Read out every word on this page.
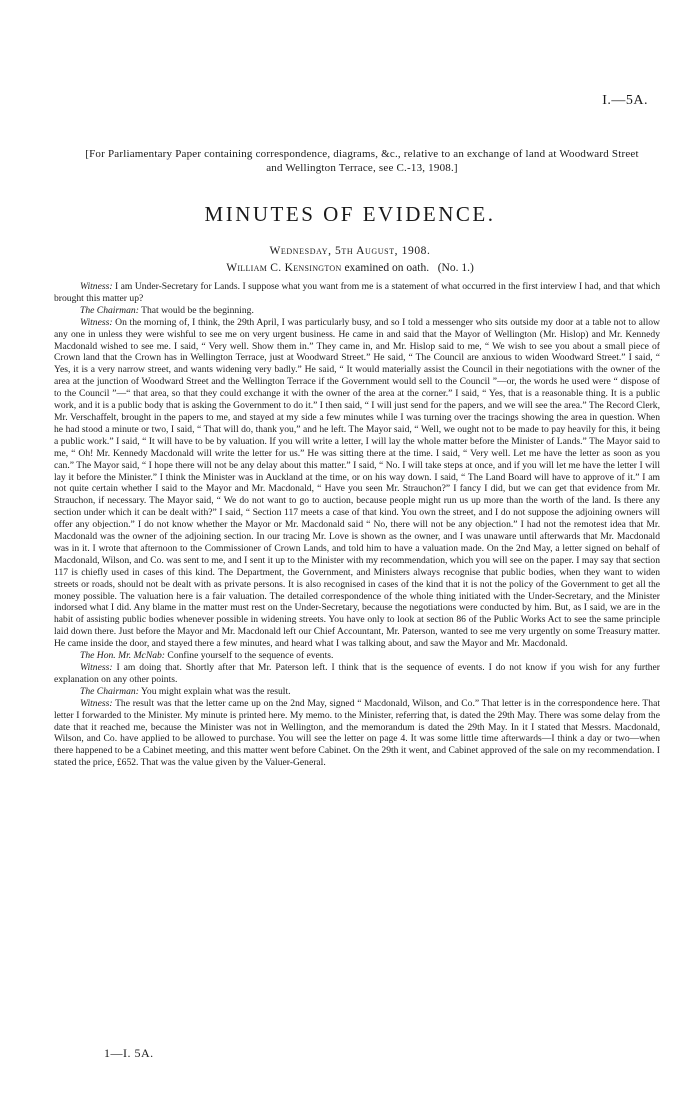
I.—5A.
[For Parliamentary Paper containing correspondence, diagrams, &c., relative to an exchange of land at Woodward Street and Wellington Terrace, see C.-13, 1908.]
MINUTES OF EVIDENCE.
Wednesday, 5th August, 1908.
William C. Kensington examined on oath. (No. 1.)

Witness: I am Under-Secretary for Lands. I suppose what you want from me is a statement of what occurred in the first interview I had, and that which brought this matter up?

The Chairman: That would be the beginning.

Witness: On the morning of, I think, the 29th April, I was particularly busy, and so I told a messenger who sits outside my door at a table not to allow any one in unless they were wishful to see me on very urgent business. He came in and said that the Mayor of Wellington (Mr. Hislop) and Mr. Kennedy Macdonald wished to see me. I said, “ Very well. Show them in.” They came in, and Mr. Hislop said to me, “ We wish to see you about a small piece of Crown land that the Crown has in Wellington Terrace, just at Woodward Street.” He said, “ The Council are anxious to widen Woodward Street.” I said, “ Yes, it is a very narrow street, and wants widening very badly.” He said, “ It would materially assist the Council in their negotiations with the owner of the area at the junction of Woodward Street and the Wellington Terrace if the Government would sell to the Council ”—or, the words he used were “ dispose of to the Council ”—“ that area, so that they could exchange it with the owner of the area at the corner.” I said, “ Yes, that is a reasonable thing. It is a public work, and it is a public body that is asking the Government to do it.” I then said, “ I will just send for the papers, and we will see the area.” The Record Clerk, Mr. Verschaffelt, brought in the papers to me, and stayed at my side a few minutes while I was turning over the tracings showing the area in question. When he had stood a minute or two, I said, “ That will do, thank you,” and he left. The Mayor said, “ Well, we ought not to be made to pay heavily for this, it being a public work.” I said, “ It will have to be by valuation. If you will write a letter, I will lay the whole matter before the Minister of Lands.” The Mayor said to me, “ Oh! Mr. Kennedy Macdonald will write the letter for us.” He was sitting there at the time. I said, “ Very well. Let me have the letter as soon as you can.” The Mayor said, “ I hope there will not be any delay about this matter.” I said, “ No. I will take steps at once, and if you will let me have the letter I will lay it before the Minister.” I think the Minister was in Auckland at the time, or on his way down. I said, “ The Land Board will have to approve of it.” I am not quite certain whether I said to the Mayor and Mr. Macdonald, “ Have you seen Mr. Strauchon?” I fancy I did, but we can get that evidence from Mr. Strauchon, if necessary. The Mayor said, “ We do not want to go to auction, because people might run us up more than the worth of the land. Is there any section under which it can be dealt with?” I said, “ Section 117 meets a case of that kind. You own the street, and I do not suppose the adjoining owners will offer any objection.” I do not know whether the Mayor or Mr. Macdonald said “ No, there will not be any objection.” I had not the remotest idea that Mr. Macdonald was the owner of the adjoining section. In our tracing Mr. Love is shown as the owner, and I was unaware until afterwards that Mr. Macdonald was in it. I wrote that afternoon to the Commissioner of Crown Lands, and told him to have a valuation made. On the 2nd May, a letter signed on behalf of Macdonald, Wilson, and Co. was sent to me, and I sent it up to the Minister with my recommendation, which you will see on the paper. I may say that section 117 is chiefly used in cases of this kind. The Department, the Government, and Ministers always recognise that public bodies, when they want to widen streets or roads, should not be dealt with as private persons. It is also recognised in cases of the kind that it is not the policy of the Government to get all the money possible. The valuation here is a fair valuation. The detailed correspondence of the whole thing initiated with the Under-Secretary, and the Minister indorsed what I did. Any blame in the matter must rest on the Under-Secretary, because the negotiations were conducted by him. But, as I said, we are in the habit of assisting public bodies whenever possible in widening streets. You have only to look at section 86 of the Public Works Act to see the same principle laid down there. Just before the Mayor and Mr. Macdonald left our Chief Accountant, Mr. Paterson, wanted to see me very urgently on some Treasury matter. He came inside the door, and stayed there a few minutes, and heard what I was talking about, and saw the Mayor and Mr. Macdonald.

The Hon. Mr. McNab: Confine yourself to the sequence of events.

Witness: I am doing that. Shortly after that Mr. Paterson left. I think that is the sequence of events. I do not know if you wish for any further explanation on any other points.

The Chairman: You might explain what was the result.

Witness: The result was that the letter came up on the 2nd May, signed “ Macdonald, Wilson, and Co.” That letter is in the correspondence here. That letter I forwarded to the Minister. My minute is printed here. My memo. to the Minister, referring that, is dated the 29th May. There was some delay from the date that it reached me, because the Minister was not in Wellington, and the memorandum is dated the 29th May. In it I stated that Messrs. Macdonald, Wilson, and Co. have applied to be allowed to purchase. You will see the letter on page 4. It was some little time afterwards—I think a day or two—when there happened to be a Cabinet meeting, and this matter went before Cabinet. On the 29th it went, and Cabinet approved of the sale on my recommendation. I stated the price, £652. That was the value given by the Valuer-General.

1—I. 5A.
